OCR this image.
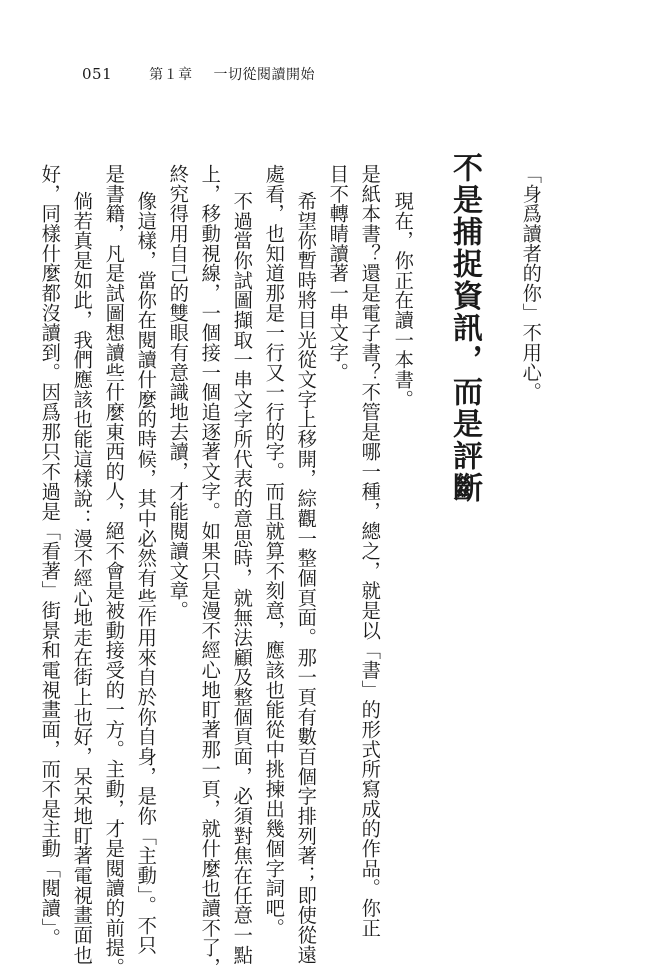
051	第１章 一切從閱讀開始
「身爲讀者的你」不用心。
不是捕捉資訊，而是評斷
現在，你正在讀一本書。
是紙本書？還是電子書？不管是哪一種，總之，就是以「書」的形式所寫成的作品。你正
目不轉睛讀著一串文字。
希望你暫時將目光從文字上移開，綜觀一整個頁面。那一頁有數百個字排列著；即使從遠
處看，也知道那是一行又一行的字。而且就算不刻意，應該也能從中挑揀出幾個字詞吧。
不過當你試圖擷取一串文字所代表的意思時，就無法顧及整個頁面，必須對焦在任意一點
上，移動視線，一個接一個追逐著文字。如果只是漫不經心地盯著那一頁，就什麼也讀不了，
終究得用自己的雙眼有意識地去讀，才能閱讀文章。
像這樣，當你在閱讀什麼的時候，其中必然有些作用來自於你自身，是你「主動」。不只
是書籍，凡是試圖想讀些什麼東西的人，絕不會是被動接受的一方。主動，才是閱讀的前提。
倘若真是如此，我們應該也能這樣說：漫不經心地走在街上也好，呆呆地盯著電視畫面也
好，同樣什麼都沒讀到。因爲那只不過是「看著」街景和電視畫面，而不是主動「閱讀」。
